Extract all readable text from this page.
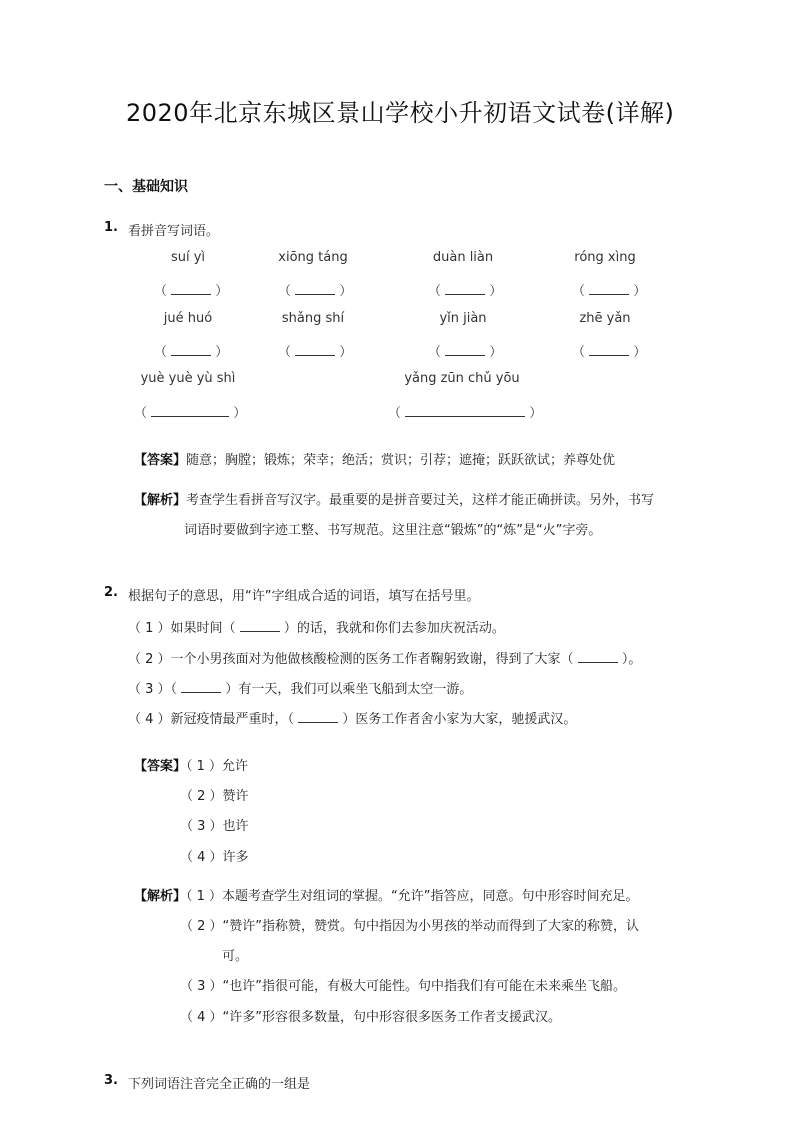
2020年北京东城区景山学校小升初语文试卷(详解)
一、基础知识
1. 看拼音写词语。
suí yì	xiōng táng	duàn liàn	róng xìng
（	）	（	）	（	）	（	）
jué huó	shǎng shí	yǐn jiàn	zhē yǎn
（	）	（	）	（	）	（	）
yuè yuè yù shì	yǎng zūn chǔ yōu
（	）	（	）
【答案】随意；胸膛；锻炼；荣幸；绝活；赏识；引荐；遮掩；跃跃欲试；养尊处优
【解析】考查学生看拼音写汉字。最重要的是拼音要过关，这样才能正确拼读。另外，书写
词语时要做到字迹工整、书写规范。这里注意“锻炼”的“炼”是“火”字旁。
2. 根据句子的意思，用“许”字组成合适的词语，填写在括号里。
（ 1 ）如果时间（	）的话，我就和你们去参加庆祝活动。
（ 2 ）一个小男孩面对为他做核酸检测的医务工作者鞠躬致谢，得到了大家（	）。
（ 3 ）（	）有一天，我们可以乘坐飞船到太空一游。
（ 4 ）新冠疫情最严重时，（	）医务工作者舍小家为大家，驰援武汉。
【答案】（ 1 ）允许
（ 2 ）赞许
（ 3 ）也许
（ 4 ）许多
【解析】（ 1 ）本题考查学生对组词的掌握。“允许”指答应，同意。句中形容时间充足。
（ 2 ）“赞许”指称赞，赞赏。句中指因为小男孩的举动而得到了大家的称赞，认
可。
（ 3 ）“也许”指很可能，有极大可能性。句中指我们有可能在未来乘坐飞船。
（ 4 ）“许多”形容很多数量，句中形容很多医务工作者支援武汉。
3. 下列词语注音完全正确的一组是
